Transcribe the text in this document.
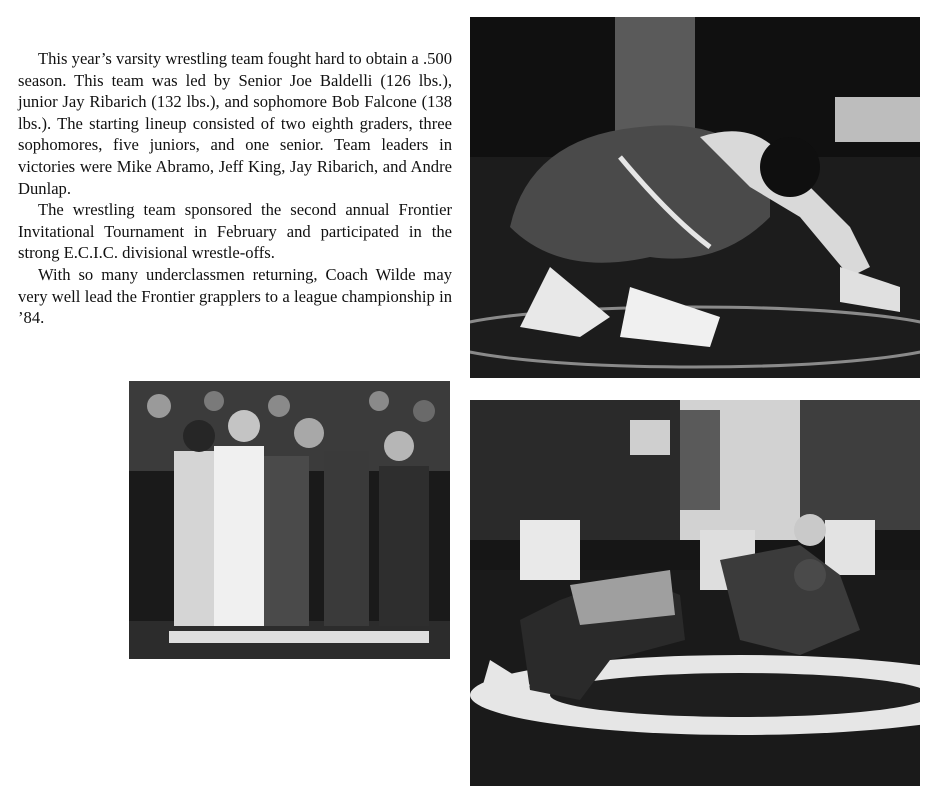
This year’s varsity wrestling team fought hard to obtain a .500 season. This team was led by Senior Joe Baldelli (126 lbs.), junior Jay Ribarich (132 lbs.), and sophomore Bob Falcone (138 lbs.). The starting lineup consisted of two eighth graders, three sophomores, five juniors, and one senior. Team leaders in victories were Mike Abramo, Jeff King, Jay Ribarich, and Andre Dunlap.

The wrestling team sponsored the second annual Frontier Invitational Tournament in February and participated in the strong E.C.I.C. divisional wrestle-offs.

With so many underclassmen returning, Coach Wilde may very well lead the Frontier grapplers to a league championship in ’84.
